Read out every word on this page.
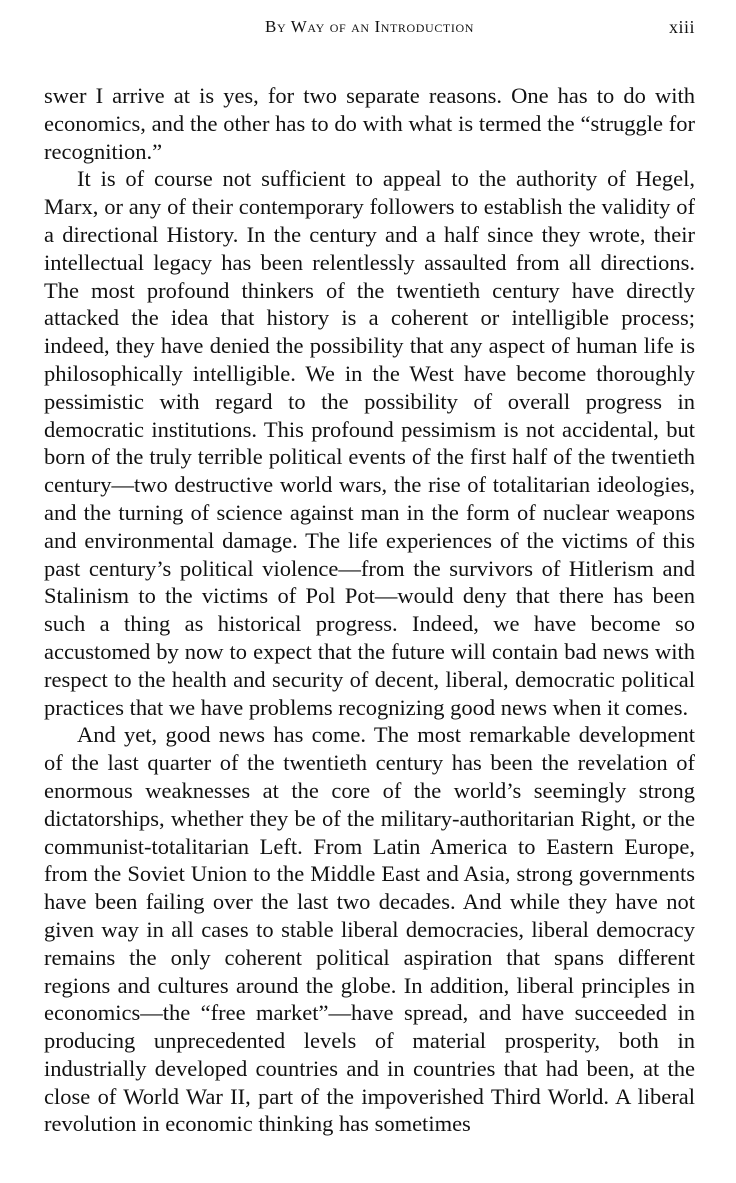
By Way of an Introduction	xiii

swer I arrive at is yes, for two separate reasons. One has to do with economics, and the other has to do with what is termed the “struggle for recognition.”

It is of course not sufficient to appeal to the authority of Hegel, Marx, or any of their contemporary followers to establish the validity of a directional History. In the century and a half since they wrote, their intellectual legacy has been relentlessly assaulted from all directions. The most profound thinkers of the twentieth century have directly attacked the idea that history is a coherent or intelligible process; indeed, they have denied the possibility that any aspect of human life is philosophically intelligible. We in the West have become thoroughly pessimistic with regard to the possibility of overall progress in democratic institutions. This profound pessimism is not accidental, but born of the truly terrible political events of the first half of the twentieth century—two destructive world wars, the rise of totalitarian ideologies, and the turning of science against man in the form of nuclear weapons and environmental damage. The life experiences of the victims of this past century’s political violence—from the survivors of Hitlerism and Stalinism to the victims of Pol Pot—would deny that there has been such a thing as historical progress. Indeed, we have become so accustomed by now to expect that the future will contain bad news with respect to the health and security of decent, liberal, democratic political practices that we have problems recognizing good news when it comes.

And yet, good news has come. The most remarkable development of the last quarter of the twentieth century has been the revelation of enormous weaknesses at the core of the world’s seemingly strong dictatorships, whether they be of the military-authoritarian Right, or the communist-totalitarian Left. From Latin America to Eastern Europe, from the Soviet Union to the Middle East and Asia, strong governments have been failing over the last two decades. And while they have not given way in all cases to stable liberal democracies, liberal democracy remains the only coherent political aspiration that spans different regions and cultures around the globe. In addition, liberal principles in economics—the “free market”—have spread, and have succeeded in producing unprecedented levels of material prosperity, both in industrially developed countries and in countries that had been, at the close of World War II, part of the impoverished Third World. A liberal revolution in economic thinking has sometimes
